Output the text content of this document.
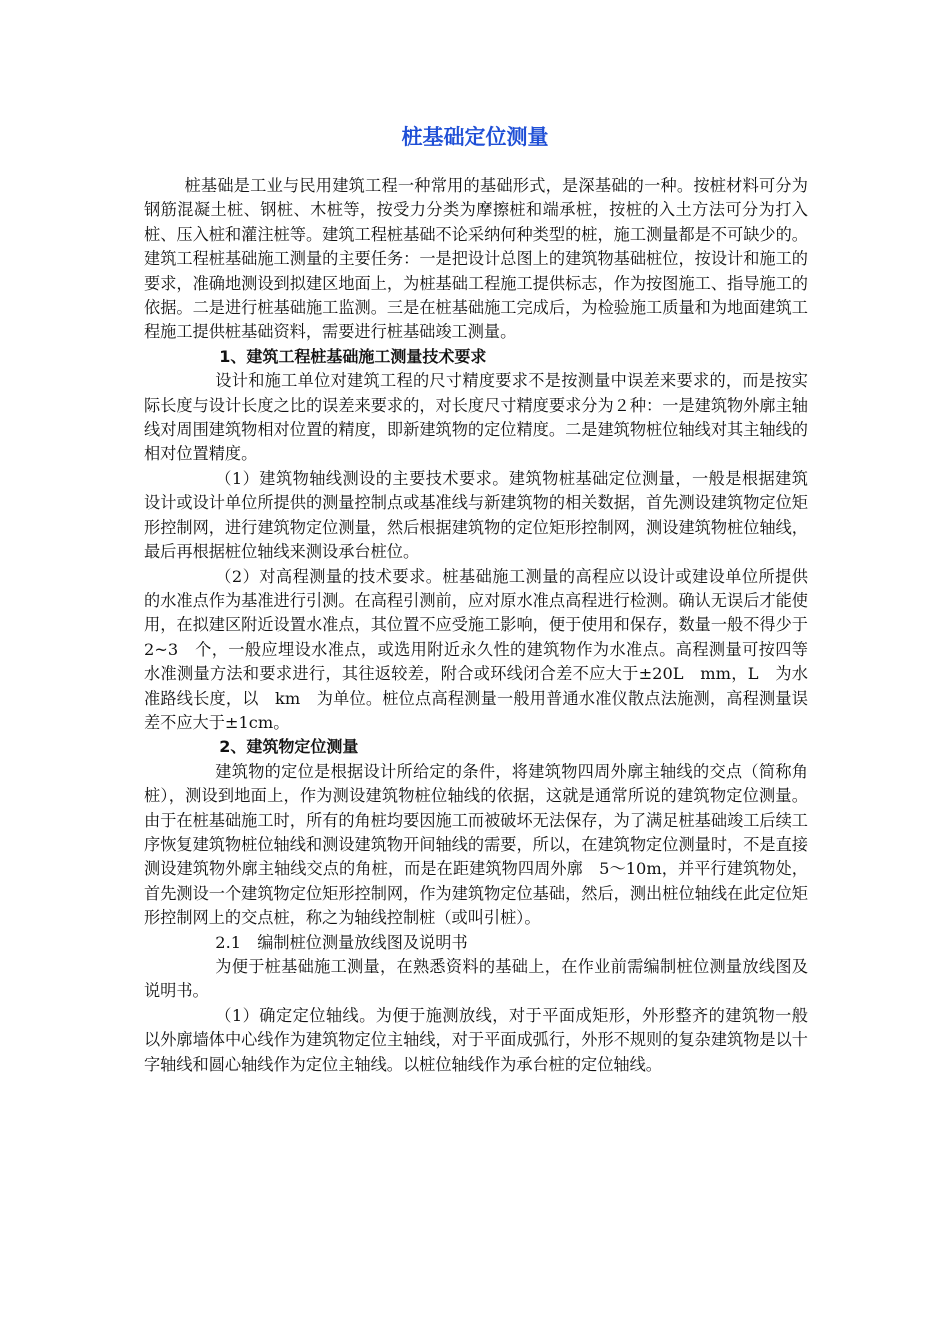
桩基础定位测量

桩基础是工业与民用建筑工程一种常用的基础形式，是深基础的一种。按桩材料可分为钢筋混凝土桩、钢桩、木桩等，按受力分类为摩擦桩和端承桩，按桩的入土方法可分为打入桩、压入桩和灌注桩等。建筑工程桩基础不论采纳何种类型的桩，施工测量都是不可缺少的。建筑工程桩基础施工测量的主要任务：一是把设计总图上的建筑物基础桩位，按设计和施工的要求，准确地测设到拟建区地面上，为桩基础工程施工提供标志，作为按图施工、指导施工的依据。二是进行桩基础施工监测。三是在桩基础施工完成后，为检验施工质量和为地面建筑工程施工提供桩基础资料，需要进行桩基础竣工测量。

1、建筑工程桩基础施工测量技术要求

设计和施工单位对建筑工程的尺寸精度要求不是按测量中误差来要求的，而是按实际长度与设计长度之比的误差来要求的，对长度尺寸精度要求分为２种：一是建筑物外廓主轴线对周围建筑物相对位置的精度，即新建筑物的定位精度。二是建筑物桩位轴线对其主轴线的相对位置精度。

（1）建筑物轴线测设的主要技术要求。建筑物桩基础定位测量，一般是根据建筑设计或设计单位所提供的测量控制点或基准线与新建筑物的相关数据，首先测设建筑物定位矩形控制网，进行建筑物定位测量，然后根据建筑物的定位矩形控制网，测设建筑物桩位轴线，最后再根据桩位轴线来测设承台桩位。

（2）对高程测量的技术要求。桩基础施工测量的高程应以设计或建设单位所提供的水准点作为基准进行引测。在高程引测前，应对原水准点高程进行检测。确认无误后才能使用，在拟建区附近设置水准点，其位置不应受施工影响，便于使用和保存，数量一般不得少于　2~3　个，一般应埋设水准点，或选用附近永久性的建筑物作为水准点。高程测量可按四等水准测量方法和要求进行，其往返较差，附合或环线闭合差不应大于±20L　mm，L　为水准路线长度，以　km　为单位。桩位点高程测量一般用普通水准仪散点法施测，高程测量误差不应大于±1cm。

2、建筑物定位测量

建筑物的定位是根据设计所给定的条件，将建筑物四周外廓主轴线的交点（简称角桩），测设到地面上，作为测设建筑物桩位轴线的依据，这就是通常所说的建筑物定位测量。由于在桩基础施工时，所有的角桩均要因施工而被破坏无法保存，为了满足桩基础竣工后续工序恢复建筑物桩位轴线和测设建筑物开间轴线的需要，所以，在建筑物定位测量时，不是直接测设建筑物外廓主轴线交点的角桩，而是在距建筑物四周外廓　5～10m，并平行建筑物处，首先测设一个建筑物定位矩形控制网，作为建筑物定位基础，然后，测出桩位轴线在此定位矩形控制网上的交点桩，称之为轴线控制桩（或叫引桩）。

2.1　编制桩位测量放线图及说明书

为便于桩基础施工测量，在熟悉资料的基础上，在作业前需编制桩位测量放线图及说明书。

（1）确定定位轴线。为便于施测放线，对于平面成矩形，外形整齐的建筑物一般以外廓墙体中心线作为建筑物定位主轴线，对于平面成弧行，外形不规则的复杂建筑物是以十字轴线和圆心轴线作为定位主轴线。以桩位轴线作为承台桩的定位轴线。
